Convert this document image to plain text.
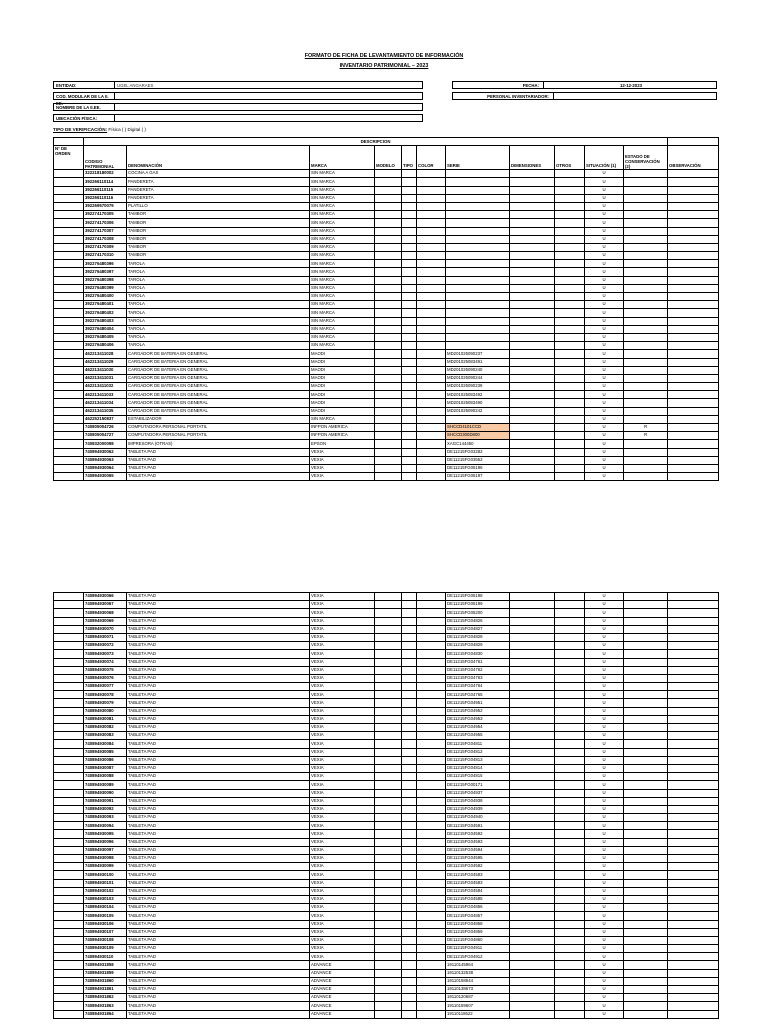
FORMATO DE FICHA DE LEVANTAMIENTO DE INFORMACIÓN
INVENTARIO PATRIMONIAL – 2023
ENTIDAD:	UGEL ANGARAES
COD. MODULAR DE LA II. EE.
NOMBRE DE LA II.EE.
UBICACIÓN FÍSICA:
FECHA:	12-12-2023
PERSONAL INVENTARIADOR:
TIPO DE VERIFICACIÓN: Física ( ) Digital ( )
	DESCRIPCION											
N° DE ORDEN	CODIGO PATRIMONIAL	DENOMINACIÓN	MARCA	MODELO	TIPO	COLOR	SERIE	DIMENSIONES	OTROS	SITUACIÓN (1)	ESTADO DE CONSERVACIÓN (2)	OBSERVACIÓN
	322218180002	COCINA A GAS	SIN MARCA							U		
	392266110114	PANDERETA	SIN MARCA							U		
	392266110115	PANDERETA	SIN MARCA							U		
	392266110116	PANDERETA	SIN MARCA							U		
	392269570079	PLATILLO	SIN MARCA							U		
	392274170305	TAMBOR	SIN MARCA							U		
	392274170306	TAMBOR	SIN MARCA							U		
	392274170307	TAMBOR	SIN MARCA							U		
	392274170308	TAMBOR	SIN MARCA							U		
	392274170309	TAMBOR	SIN MARCA							U		
	392274170310	TAMBOR	SIN MARCA							U		
	392276480396	TAROLA	SIN MARCA							U		
	392276480397	TAROLA	SIN MARCA							U		
	392276480398	TAROLA	SIN MARCA							U		
	392276480399	TAROLA	SIN MARCA							U		
	392276480400	TAROLA	SIN MARCA							U		
	392276480401	TAROLA	SIN MARCA							U		
	392276480402	TAROLA	SIN MARCA							U		
	392276480403	TAROLA	SIN MARCA							U		
	392276480404	TAROLA	SIN MARCA							U		
	392276480405	TAROLA	SIN MARCA							U		
	392276480406	TAROLA	SIN MARCA							U		
	462213411028	CARGADOR DE BATERIA EN GENERAL	MAODI				MD201025090237			U		
	462213411029	CARGADOR DE BATERIA EN GENERAL	MAODI				MD201025083491			U		
	462213411030	CARGADOR DE BATERIA EN GENERAL	MAODI				MD201025090240			U		
	462213411031	CARGADOR DE BATERIA EN GENERAL	MAODI				MD201025090244			U		
	462213411032	CARGADOR DE BATERIA EN GENERAL	MAODI				MD201025090239			U		
	462213411033	CARGADOR DE BATERIA EN GENERAL	MAODI				MD201025083492			U		
	462213411034	CARGADOR DE BATERIA EN GENERAL	MAODI				MD201025083490			U		
	462213411035	CARGADOR DE BATERIA EN GENERAL	MAODI				MD201025090242			U		
	462252150837	ESTABILIZADOR	SIN MARCA							U		
	740805004726	COMPUTADORA PERSONAL PORTATIL	INFPON AMERICA				SHCCD4101CCD			U	R	
	740805004727	COMPUTADORA PERSONAL PORTATIL	INFPON AMERICA				SHCCD300D800			U	R	
	740832000098	IMPRESORA (OTRAS)	EPSON				XAGC144450			U		
	740894930062	TABLETA PAD	VEXIA				DE11215FG03282			U		
	740894930063	TABLETA PAD	VEXIA				DE11215FG03552			U		
	740894930064	TABLETA PAD	VEXIA				DE11215FG05196			U		
	740894930065	TABLETA PAD	VEXIA				DE11215FG05197			U		
	740894930066	TABLETA PAD	VEXIA				DE11215FG05198			U		
	740894930067	TABLETA PAD	VEXIA				DE11215FG05199			U		
	740894930068	TABLETA PAD	VEXIA				DE11215FG05200			U		
	740894930069	TABLETA PAD	VEXIA				DE11215FG04826			U		
	740894930070	TABLETA PAD	VEXIA				DE11215FG04827			U		
	740894930071	TABLETA PAD	VEXIA				DE11215FG04828			U		
	740894930072	TABLETA PAD	VEXIA				DE11215FG04829			U		
	740894930073	TABLETA PAD	VEXIA				DE11215FG04830			U		
	740894930074	TABLETA PAD	VEXIA				DE11215FG04761			U		
	740894930075	TABLETA PAD	VEXIA				DE11215FG04762			U		
	740894930076	TABLETA PAD	VEXIA				DE11215FG04763			U		
	740894930077	TABLETA PAD	VEXIA				DE11215FG04764			U		
	740894930078	TABLETA PAD	VEXIA				DE11215FG04765			U		
	740894930079	TABLETA PAD	VEXIA				DE11215FG04951			U		
	740894930080	TABLETA PAD	VEXIA				DE11215FG04952			U		
	740894930081	TABLETA PAD	VEXIA				DE11215FG04953			U		
	740894930082	TABLETA PAD	VEXIA				DE11215FG04954			U		
	740894930083	TABLETA PAD	VEXIA				DE11215FG04955			U		
	740894930084	TABLETA PAD	VEXIA				DE11215FG04811			U		
	740894930085	TABLETA PAD	VEXIA				DE11215FG04812			U		
	740894930086	TABLETA PAD	VEXIA				DE11215FG04813			U		
	740894930087	TABLETA PAD	VEXIA				DE11215FG04814			U		
	740894930088	TABLETA PAD	VEXIA				DE11215FG04815			U		
	740894930089	TABLETA PAD	VEXIA				DE11215FG00171			U		
	740894930090	TABLETA PAD	VEXIA				DE11215FG04937			U		
	740894930091	TABLETA PAD	VEXIA				DE11215FG04938			U		
	740894930092	TABLETA PAD	VEXIA				DE11215FG04939			U		
	740894930093	TABLETA PAD	VEXIA				DE11215FG04940			U		
	740894930094	TABLETA PAD	VEXIA				DE11215FG04591			U		
	740894930095	TABLETA PAD	VEXIA				DE11215FG04592			U		
	740894930096	TABLETA PAD	VEXIA				DE11215FG04593			U		
	740894930097	TABLETA PAD	VEXIA				DE11215FG04594			U		
	740894930098	TABLETA PAD	VEXIA				DE11215FG04595			U		
	740894930099	TABLETA PAD	VEXIA				DE11215FG04582			U		
	740894930100	TABLETA PAD	VEXIA				DE11215FG04583			U		
	740894930101	TABLETA PAD	VEXIA				DE11215FG04583			U		
	740894930102	TABLETA PAD	VEXIA				DE11215FG04584			U		
	740894930103	TABLETA PAD	VEXIA				DE11215FG04585			U		
	740894930104	TABLETA PAD	VEXIA				DE11215FG04856			U		
	740894930105	TABLETA PAD	VEXIA				DE11215FG04857			U		
	740894930106	TABLETA PAD	VEXIA				DE11215FG04858			U		
	740894930107	TABLETA PAD	VEXIA				DE11215FG04859			U		
	740894930108	TABLETA PAD	VEXIA				DE11215FG04860			U		
	740894930109	TABLETA PAD	VEXIA				DE11215FG04911			U		
	740894930110	TABLETA PAD	VEXIA				DE11215FG04912			U		
	740894931858	TABLETA PAD	ADVANCE				19110145964			U		
	740894931859	TABLETA PAD	ADVANCE				19110132538			U		
	740894931860	TABLETA PAD	ADVANCE				19110158644			U		
	740894931861	TABLETA PAD	ADVANCE				19110138673			U		
	740894931862	TABLETA PAD	ADVANCE				19110120687			U		
	740894931863	TABLETA PAD	ADVANCE				19110159607			U		
	740894931864	TABLETA PAD	ADVANCE				19110118622			U		
